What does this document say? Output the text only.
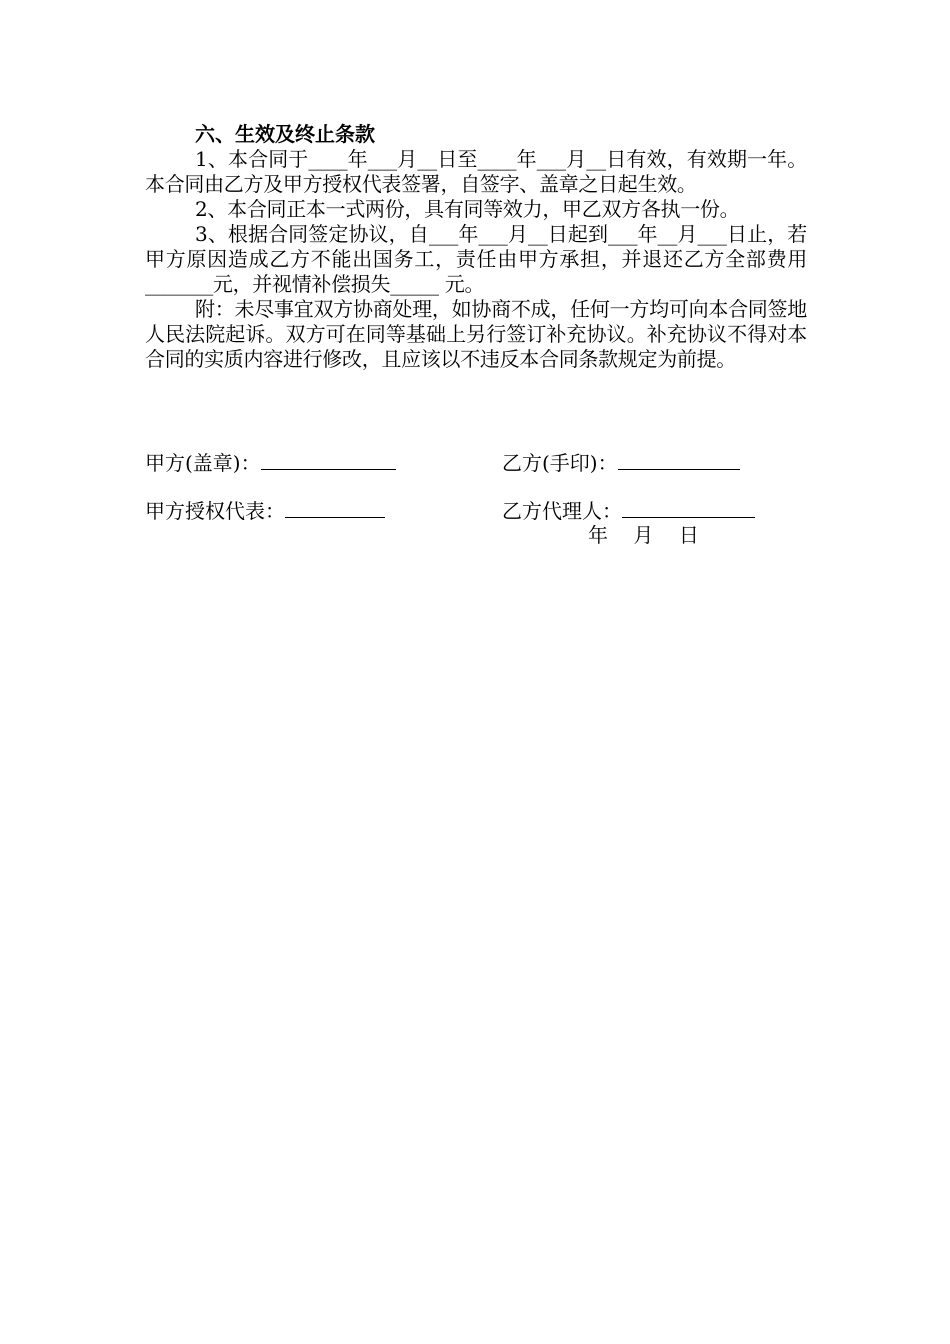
六、生效及终止条款

1、本合同于____年___月__日至____年___月__日有效，有效期一年。本合同由乙方及甲方授权代表签署，自签字、盖章之日起生效。

2、本合同正本一式两份，具有同等效力，甲乙双方各执一份。

3、根据合同签定协议，自___年___月__日起到___年__月___日止，若甲方原因造成乙方不能出国务工，责任由甲方承担，并退还乙方全部费用_______元，并视情补偿损失_____ 元。

附：未尽事宜双方协商处理，如协商不成，任何一方均可向本合同签地人民法院起诉。双方可在同等基础上另行签订补充协议。补充协议不得对本合同的实质内容进行修改，且应该以不违反本合同条款规定为前提。

甲方(盖章)：	乙方(手印)：
甲方授权代表：	乙方代理人：
年    月    日
